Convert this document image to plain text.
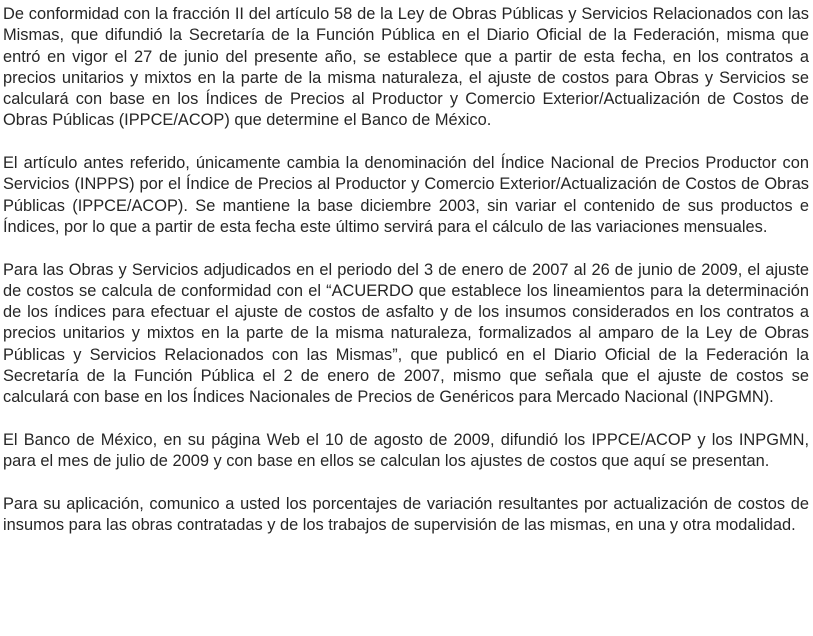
De conformidad con la fracción II del artículo 58 de la Ley de Obras Públicas y Servicios Relacionados con las Mismas, que difundió la Secretaría de la Función Pública en el Diario Oficial de la Federación, misma que entró en vigor el 27 de junio del presente año, se establece que a partir de esta fecha, en los contratos a precios unitarios y mixtos en la parte de la misma naturaleza, el ajuste de costos para Obras y Servicios se calculará con base en los Índices de Precios al Productor y Comercio Exterior/Actualización de Costos de Obras Públicas (IPPCE/ACOP) que determine el Banco de México.

El artículo antes referido, únicamente cambia la denominación del Índice Nacional de Precios Productor con Servicios (INPPS) por el Índice de Precios al Productor y Comercio Exterior/Actualización de Costos de Obras Públicas (IPPCE/ACOP). Se mantiene la base diciembre 2003, sin variar el contenido de sus productos e Índices, por lo que a partir de esta fecha este último servirá para el cálculo de las variaciones mensuales.

Para las Obras y Servicios adjudicados en el periodo del 3 de enero de 2007 al 26 de junio de 2009, el ajuste de costos se calcula de conformidad con el “ACUERDO que establece los lineamientos para la determinación de los índices para efectuar el ajuste de costos de asfalto y de los insumos considerados en los contratos a precios unitarios y mixtos en la parte de la misma naturaleza, formalizados al amparo de la Ley de Obras Públicas y Servicios Relacionados con las Mismas”, que publicó en el Diario Oficial de la Federación la Secretaría de la Función Pública el 2 de enero de 2007, mismo que señala que el ajuste de costos se calculará con base en los Índices Nacionales de Precios de Genéricos para Mercado Nacional (INPGMN).

El Banco de México, en su página Web el 10 de agosto de 2009, difundió los IPPCE/ACOP y los INPGMN, para el mes de julio de 2009 y con base en ellos se calculan los ajustes de costos que aquí se presentan.

Para su aplicación, comunico a usted los porcentajes de variación resultantes por actualización de costos de insumos para las obras contratadas y de los trabajos de supervisión de las mismas, en una y otra modalidad.
